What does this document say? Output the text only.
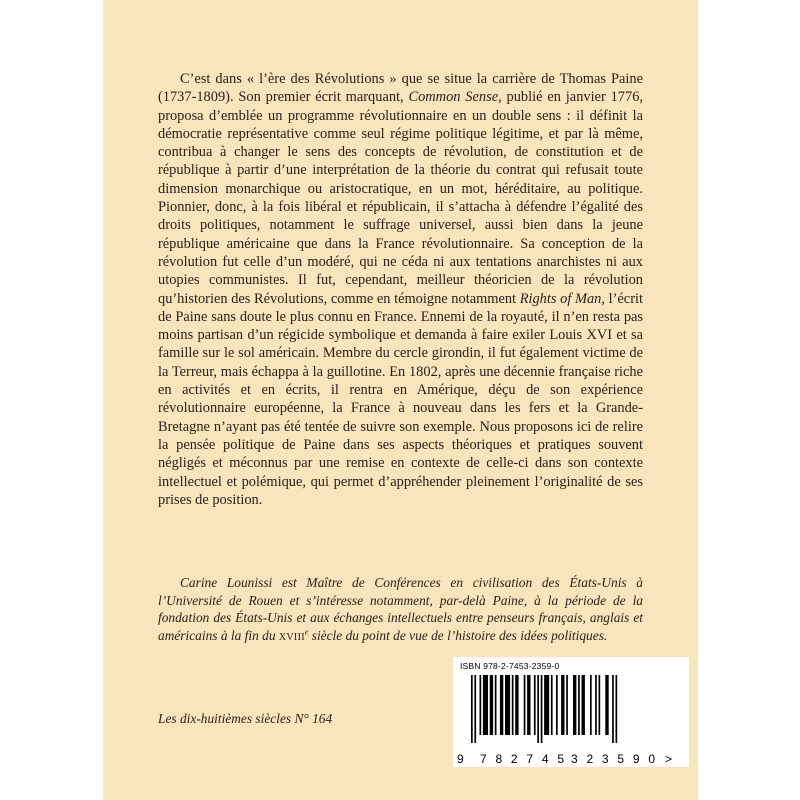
C’est dans « l’ère des Révolutions » que se situe la carrière de Thomas Paine (1737-1809). Son premier écrit marquant, Common Sense, publié en janvier 1776, proposa d’emblée un programme révolutionnaire en un double sens : il définit la démocratie représentative comme seul régime politique légitime, et par là même, contribua à changer le sens des concepts de révolution, de constitution et de république à partir d’une interprétation de la théorie du contrat qui refusait toute dimension monarchique ou aristocratique, en un mot, héréditaire, au politique. Pionnier, donc, à la fois libéral et républicain, il s’attacha à défendre l’égalité des droits politiques, notamment le suffrage universel, aussi bien dans la jeune république américaine que dans la France révolutionnaire. Sa conception de la révolution fut celle d’un modéré, qui ne céda ni aux tentations anarchistes ni aux utopies communistes. Il fut, cependant, meilleur théoricien de la révolution qu’historien des Révolutions, comme en témoigne notamment Rights of Man, l’écrit de Paine sans doute le plus connu en France. Ennemi de la royauté, il n’en resta pas moins partisan d’un régicide symbolique et demanda à faire exiler Louis XVI et sa famille sur le sol américain. Membre du cercle girondin, il fut également victime de la Terreur, mais échappa à la guillotine. En 1802, après une décennie française riche en activités et en écrits, il rentra en Amérique, déçu de son expérience révolutionnaire européenne, la France à nouveau dans les fers et la Grande-Bretagne n’ayant pas été tentée de suivre son exemple. Nous proposons ici de relire la pensée politique de Paine dans ses aspects théoriques et pratiques souvent négligés et méconnus par une remise en contexte de celle-ci dans son contexte intellectuel et polémique, qui permet d’appréhender pleinement l’originalité de ses prises de position.

Carine Lounissi est Maître de Conférences en civilisation des États-Unis à l’Université de Rouen et s’intéresse notamment, par-delà Paine, à la période de la fondation des États-Unis et aux échanges intellectuels entre penseurs français, anglais et américains à la fin du XVIIIe siècle du point de vue de l’histoire des idées politiques.

Les dix-huitièmes siècles N° 164
ISBN 978-2-7453-2359-0
9 782745 323590 >
